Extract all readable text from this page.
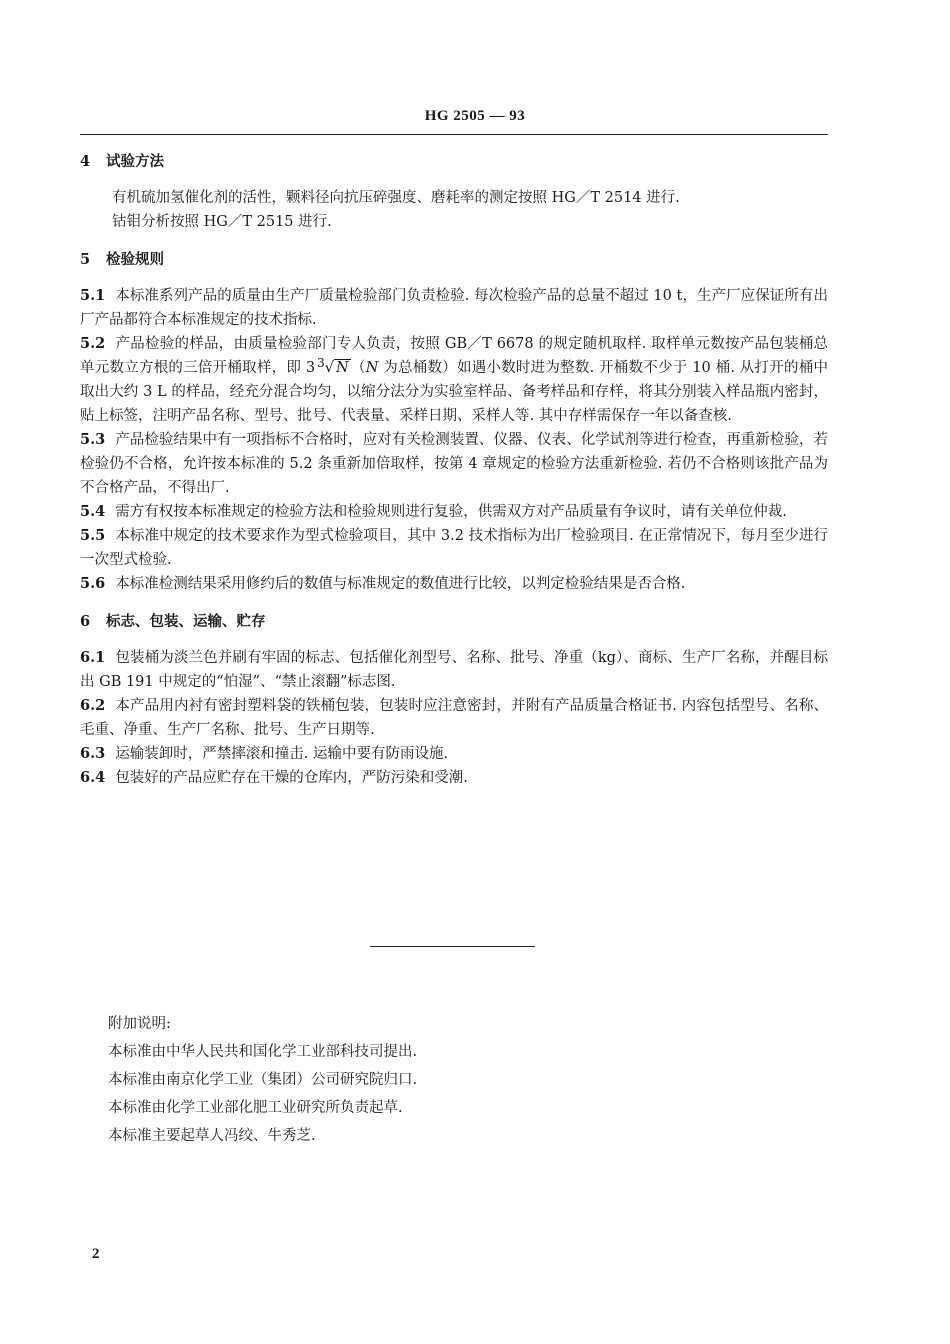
HG 2505 — 93

4 试验方法

有机硫加氢催化剂的活性，颗料径向抗压碎强度、磨耗率的测定按照 HG／T 2514 进行.

钴钼分析按照 HG／T 2515 进行.

5 检验规则

5.1 本标准系列产品的质量由生产厂质量检验部门负责检验. 每次检验产品的总量不超过 10 t，生产厂应保证所有出厂产品都符合本标准规定的技术指标.

5.2 产品检验的样品，由质量检验部门专人负责，按照 GB／T 6678 的规定随机取样. 取样单元数按产品包装桶总单元数立方根的三倍开桶取样，即 3 $^3$√ N （N 为总桶数）如遇小数时进为整数. 开桶数不少于 10 桶. 从打开的桶中取出大约 3 L 的样品，经充分混合均匀，以缩分法分为实验室样品、备考样品和存样，将其分别装入样品瓶内密封，贴上标签，注明产品名称、型号、批号、代表量、采样日期、采样人等. 其中存样需保存一年以备查核.

5.3 产品检验结果中有一项指标不合格时，应对有关检测装置、仪器、仪表、化学试剂等进行检查，再重新检验，若检验仍不合格，允许按本标准的 5.2 条重新加倍取样，按第 4 章规定的检验方法重新检验. 若仍不合格则该批产品为不合格产品，不得出厂.

5.4 需方有权按本标准规定的检验方法和检验规则进行复验，供需双方对产品质量有争议时，请有关单位仲裁.

5.5 本标准中规定的技术要求作为型式检验项目，其中 3.2 技术指标为出厂检验项目. 在正常情况下，每月至少进行一次型式检验.

5.6 本标准检测结果采用修约后的数值与标准规定的数值进行比较，以判定检验结果是否合格.

6 标志、包装、运输、贮存

6.1 包装桶为淡兰色并刷有牢固的标志、包括催化剂型号、名称、批号、净重（kg）、商标、生产厂名称，并醒目标出 GB 191 中规定的“怕湿”、“禁止滚翻”标志图.

6.2 本产品用内衬有密封塑料袋的铁桶包装，包装时应注意密封，并附有产品质量合格证书. 内容包括型号、名称、毛重、净重、生产厂名称、批号、生产日期等.

6.3 运输装卸时，严禁摔滚和撞击. 运输中要有防雨设施.

6.4 包装好的产品应贮存在干燥的仓库内，严防污染和受潮.

附加说明:

本标准由中华人民共和国化学工业部科技司提出.

本标准由南京化学工业（集团）公司研究院归口.

本标准由化学工业部化肥工业研究所负责起草.

本标准主要起草人冯绞、牛秀芝.

2
